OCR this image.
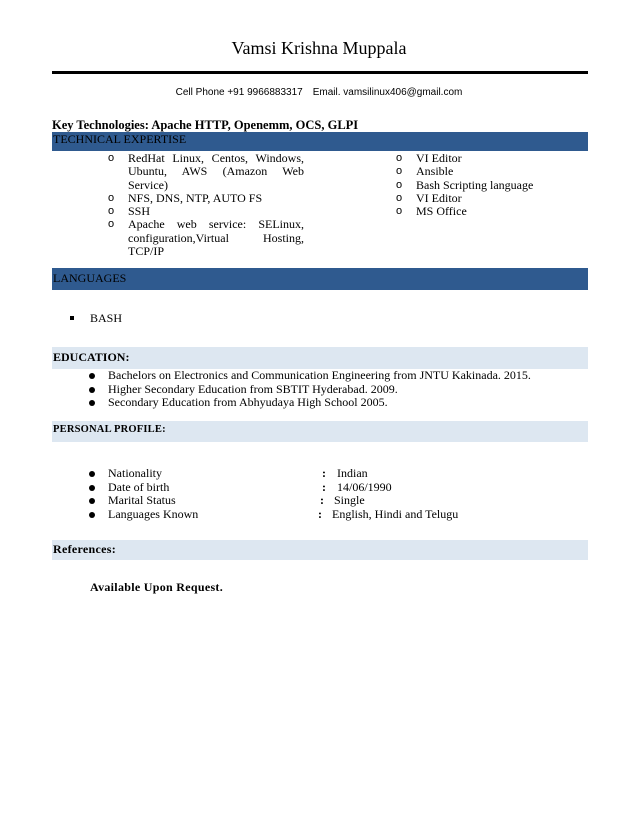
Vamsi Krishna Muppala
Cell Phone +91 9966883317 Email. vamsilinux406@gmail.com
Key Technologies: Apache HTTP, Openemm, OCS, GLPI
TECHNICAL EXPERTISE
o RedHat Linux, Centos, Windows, Ubuntu, AWS (Amazon Web Service)
o NFS, DNS, NTP, AUTO FS
o SSH
o Apache web service: SELinux, configuration,Virtual Hosting, TCP/IP
o VI Editor
o Ansible
o Bash Scripting language
o VI Editor
o MS Office
LANGUAGES
BASH
EDUCATION:
Bachelors on Electronics and Communication Engineering from JNTU Kakinada. 2015.
Higher Secondary Education from SBTIT Hyderabad. 2009.
Secondary Education from Abhyudaya High School 2005.
PERSONAL PROFILE:
Nationality	: Indian
Date of birth	: 14/06/1990
Marital Status	: Single
Languages Known	: English, Hindi and Telugu
References:
Available Upon Request.
